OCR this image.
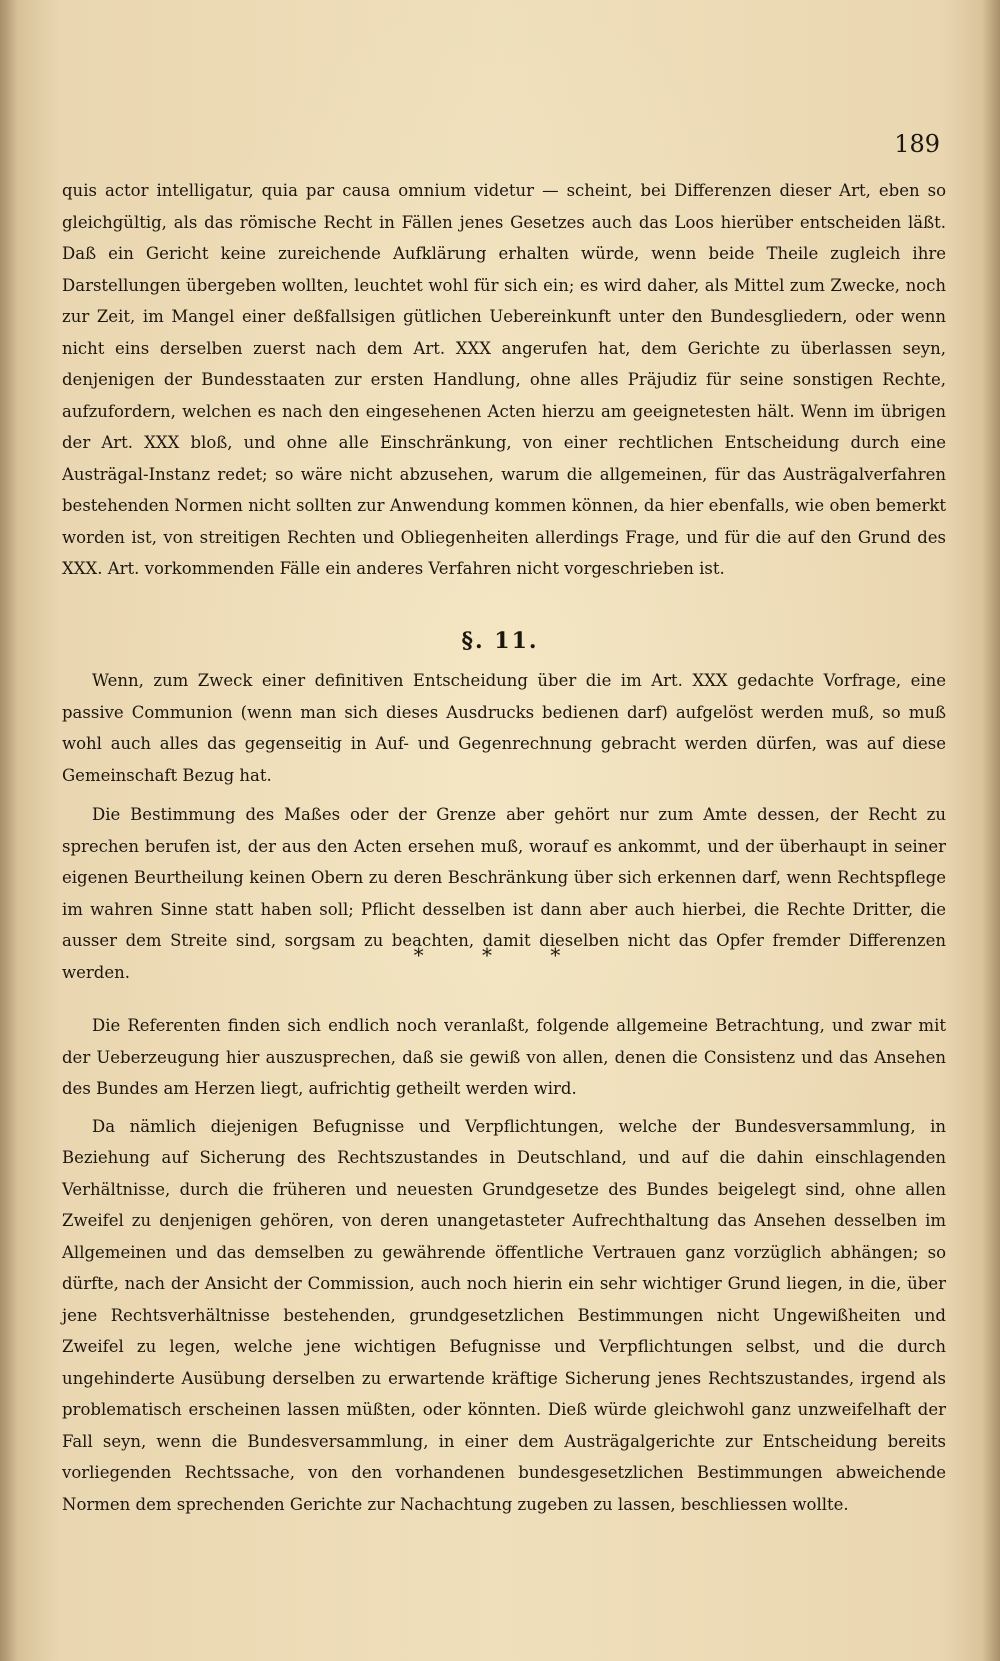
189

quis actor intelligatur, quia par causa omnium videtur — scheint, bei Differenzen dieser Art, eben so gleichgültig, als das römische Recht in Fällen jenes Gesetzes auch das Loos hierüber entscheiden läßt. Daß ein Gericht keine zureichende Aufklärung erhalten würde, wenn beide Theile zugleich ihre Darstellungen übergeben wollten, leuchtet wohl für sich ein; es wird daher, als Mittel zum Zwecke, noch zur Zeit, im Mangel einer deßfallsigen gütlichen Uebereinkunft unter den Bundesgliedern, oder wenn nicht eins derselben zuerst nach dem Art. XXX angerufen hat, dem Gerichte zu überlassen seyn, denjenigen der Bundesstaaten zur ersten Handlung, ohne alles Präjudiz für seine sonstigen Rechte, aufzufordern, welchen es nach den eingesehenen Acten hierzu am geeignetesten hält. Wenn im übrigen der Art. XXX bloß, und ohne alle Einschränkung, von einer rechtlichen Entscheidung durch eine Austrägal-Instanz redet; so wäre nicht abzusehen, warum die allgemeinen, für das Austrägalverfahren bestehenden Normen nicht sollten zur Anwendung kommen können, da hier ebenfalls, wie oben bemerkt worden ist, von streitigen Rechten und Obliegenheiten allerdings Frage, und für die auf den Grund des XXX. Art. vorkommenden Fälle ein anderes Verfahren nicht vorgeschrieben ist.

§. 11.

Wenn, zum Zweck einer definitiven Entscheidung über die im Art. XXX gedachte Vorfrage, eine passive Communion (wenn man sich dieses Ausdrucks bedienen darf) aufgelöst werden muß, so muß wohl auch alles das gegenseitig in Auf- und Gegenrechnung gebracht werden dürfen, was auf diese Gemeinschaft Bezug hat.

Die Bestimmung des Maßes oder der Grenze aber gehört nur zum Amte dessen, der Recht zu sprechen berufen ist, der aus den Acten ersehen muß, worauf es ankommt, und der überhaupt in seiner eigenen Beurtheilung keinen Obern zu deren Beschränkung über sich erkennen darf, wenn Rechtspflege im wahren Sinne statt haben soll; Pflicht desselben ist dann aber auch hierbei, die Rechte Dritter, die ausser dem Streite sind, sorgsam zu beachten, damit dieselben nicht das Opfer fremder Differenzen werden.

* * *

Die Referenten finden sich endlich noch veranlaßt, folgende allgemeine Betrachtung, und zwar mit der Ueberzeugung hier auszusprechen, daß sie gewiß von allen, denen die Consistenz und das Ansehen des Bundes am Herzen liegt, aufrichtig getheilt werden wird.

Da nämlich diejenigen Befugnisse und Verpflichtungen, welche der Bundesversammlung, in Beziehung auf Sicherung des Rechtszustandes in Deutschland, und auf die dahin einschlagenden Verhältnisse, durch die früheren und neuesten Grundgesetze des Bundes beigelegt sind, ohne allen Zweifel zu denjenigen gehören, von deren unangetasteter Aufrechthaltung das Ansehen desselben im Allgemeinen und das demselben zu gewährende öffentliche Vertrauen ganz vorzüglich abhängen; so dürfte, nach der Ansicht der Commission, auch noch hierin ein sehr wichtiger Grund liegen, in die, über jene Rechtsverhältnisse bestehenden, grundgesetzlichen Bestimmungen nicht Ungewißheiten und Zweifel zu legen, welche jene wichtigen Befugnisse und Verpflichtungen selbst, und die durch ungehinderte Ausübung derselben zu erwartende kräftige Sicherung jenes Rechtszustandes, irgend als problematisch erscheinen lassen müßten, oder könnten. Dieß würde gleichwohl ganz unzweifelhaft der Fall seyn, wenn die Bundesversammlung, in einer dem Austrägalgerichte zur Entscheidung bereits vorliegenden Rechtssache, von den vorhandenen bundesgesetzlichen Bestimmungen abweichende Normen dem sprechenden Gerichte zur Nachachtung zugeben zu lassen, beschliessen wollte.
